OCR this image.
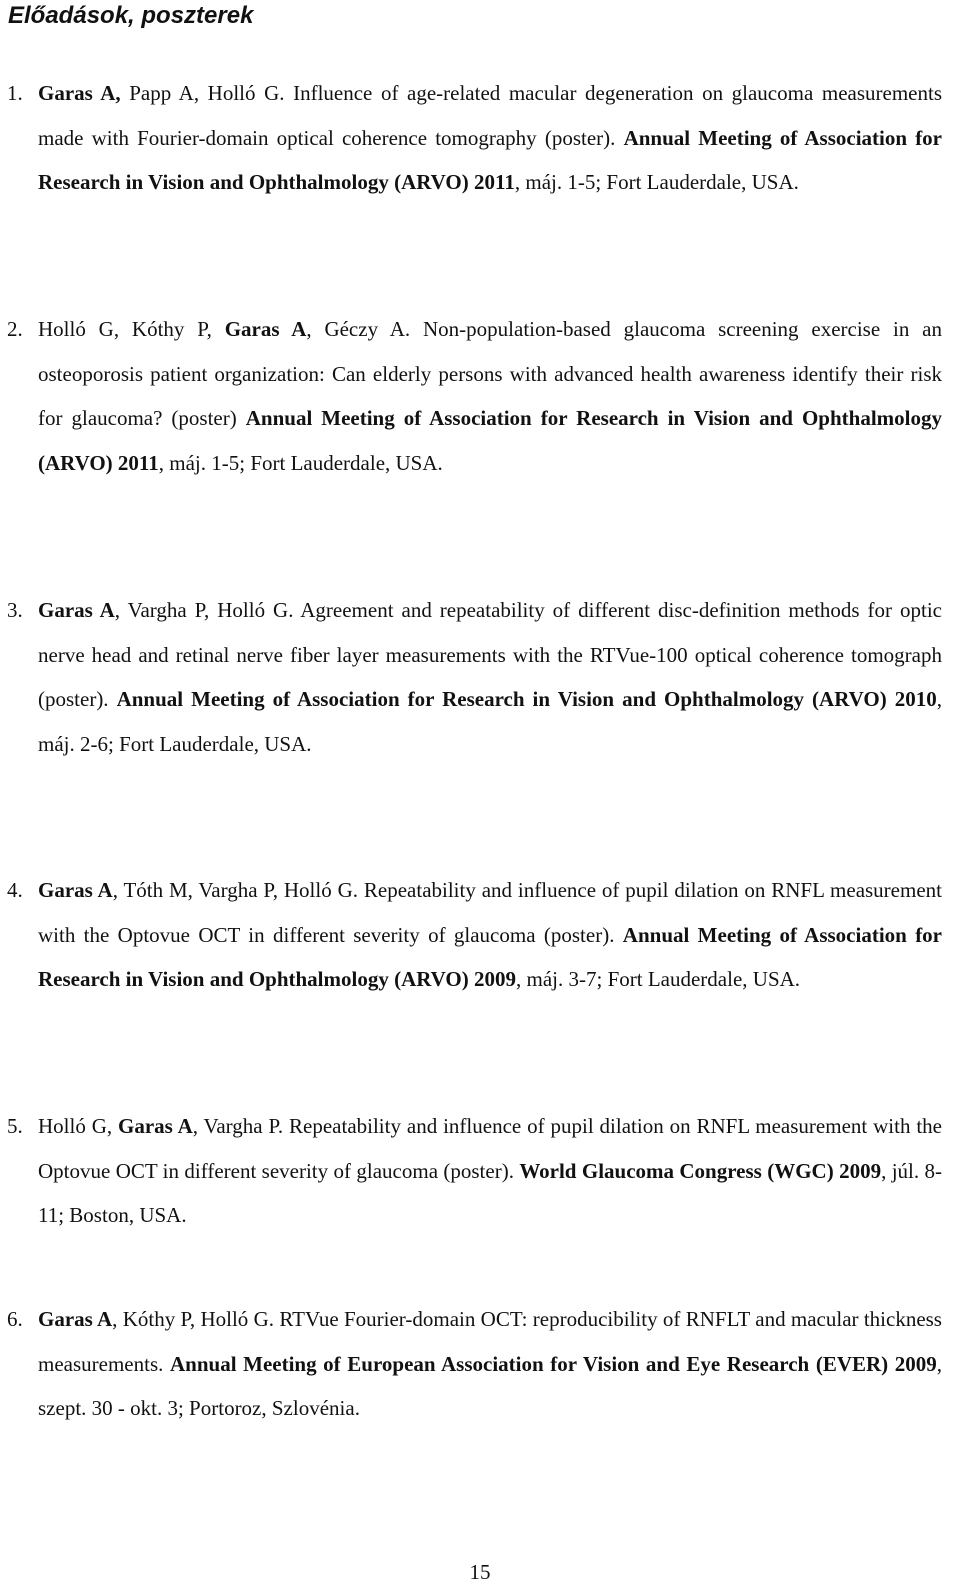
Előadások, poszterek
1. Garas A, Papp A, Holló G. Influence of age-related macular degeneration on glaucoma measurements made with Fourier-domain optical coherence tomography (poster). Annual Meeting of Association for Research in Vision and Ophthalmology (ARVO) 2011, máj. 1-5; Fort Lauderdale, USA.
2. Holló G, Kóthy P, Garas A, Géczy A. Non-population-based glaucoma screening exercise in an osteoporosis patient organization: Can elderly persons with advanced health awareness identify their risk for glaucoma? (poster) Annual Meeting of Association for Research in Vision and Ophthalmology (ARVO) 2011, máj. 1-5; Fort Lauderdale, USA.
3. Garas A, Vargha P, Holló G. Agreement and repeatability of different disc-definition methods for optic nerve head and retinal nerve fiber layer measurements with the RTVue-100 optical coherence tomograph (poster). Annual Meeting of Association for Research in Vision and Ophthalmology (ARVO) 2010, máj. 2-6; Fort Lauderdale, USA.
4. Garas A, Tóth M, Vargha P, Holló G. Repeatability and influence of pupil dilation on RNFL measurement with the Optovue OCT in different severity of glaucoma (poster). Annual Meeting of Association for Research in Vision and Ophthalmology (ARVO) 2009, máj. 3-7; Fort Lauderdale, USA.
5. Holló G, Garas A, Vargha P. Repeatability and influence of pupil dilation on RNFL measurement with the Optovue OCT in different severity of glaucoma (poster). World Glaucoma Congress (WGC) 2009, júl. 8-11; Boston, USA.
6. Garas A, Kóthy P, Holló G. RTVue Fourier-domain OCT: reproducibility of RNFLT and macular thickness measurements. Annual Meeting of European Association for Vision and Eye Research (EVER) 2009, szept. 30 - okt. 3; Portoroz, Szlovénia.
15
